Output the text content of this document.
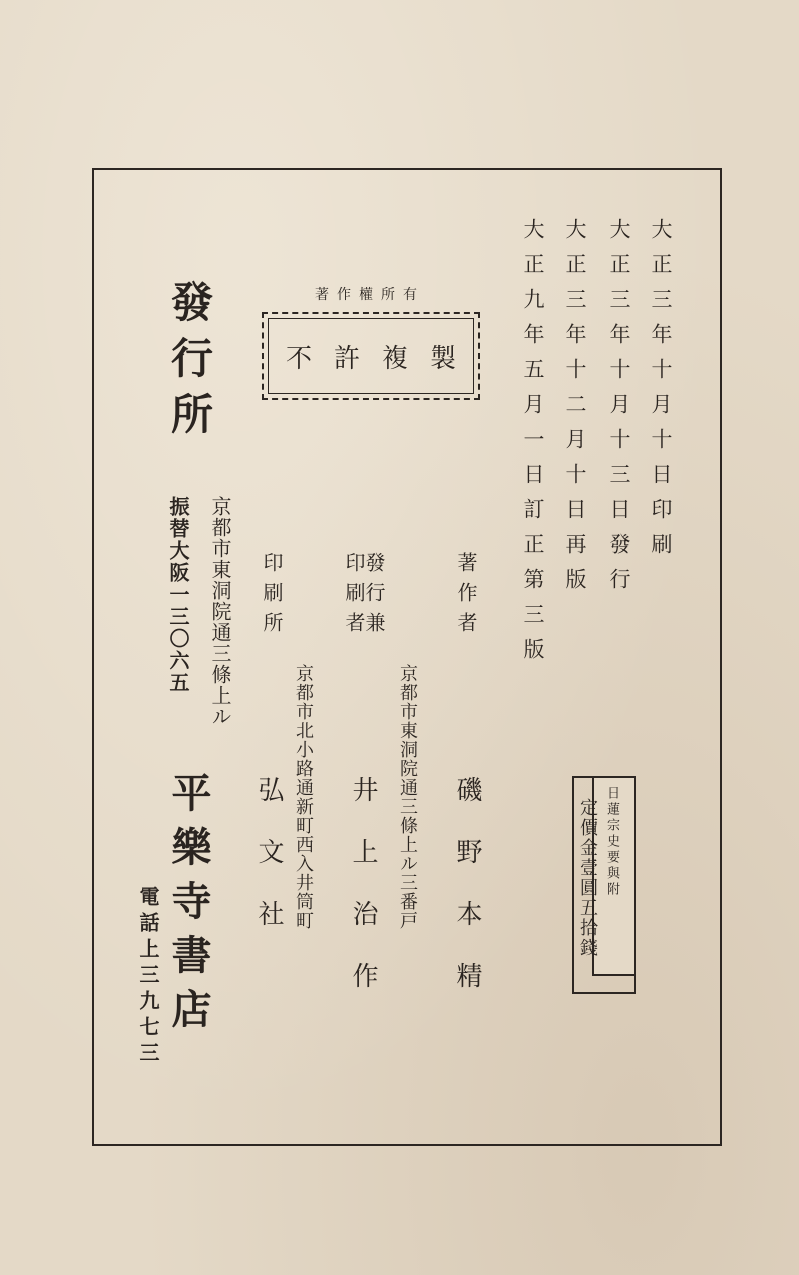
大正三年十月十日印刷
大正三年十月十三日發行
大正三年十二月十日再版
大正九年五月一日訂正第三版
著作權所有
不許複製
著作者
磯野本精
發行兼
印刷者
京都市東洞院通三條上ル三番戸
井上治作
印刷所
京都市北小路通新町西入井筒町
弘文社
發行所
京都市東洞院通三條上ル
振替大阪一三〇六五
平樂寺書店
電話上三九七三
日蓮宗史要與附
定價金壹圓五拾錢
